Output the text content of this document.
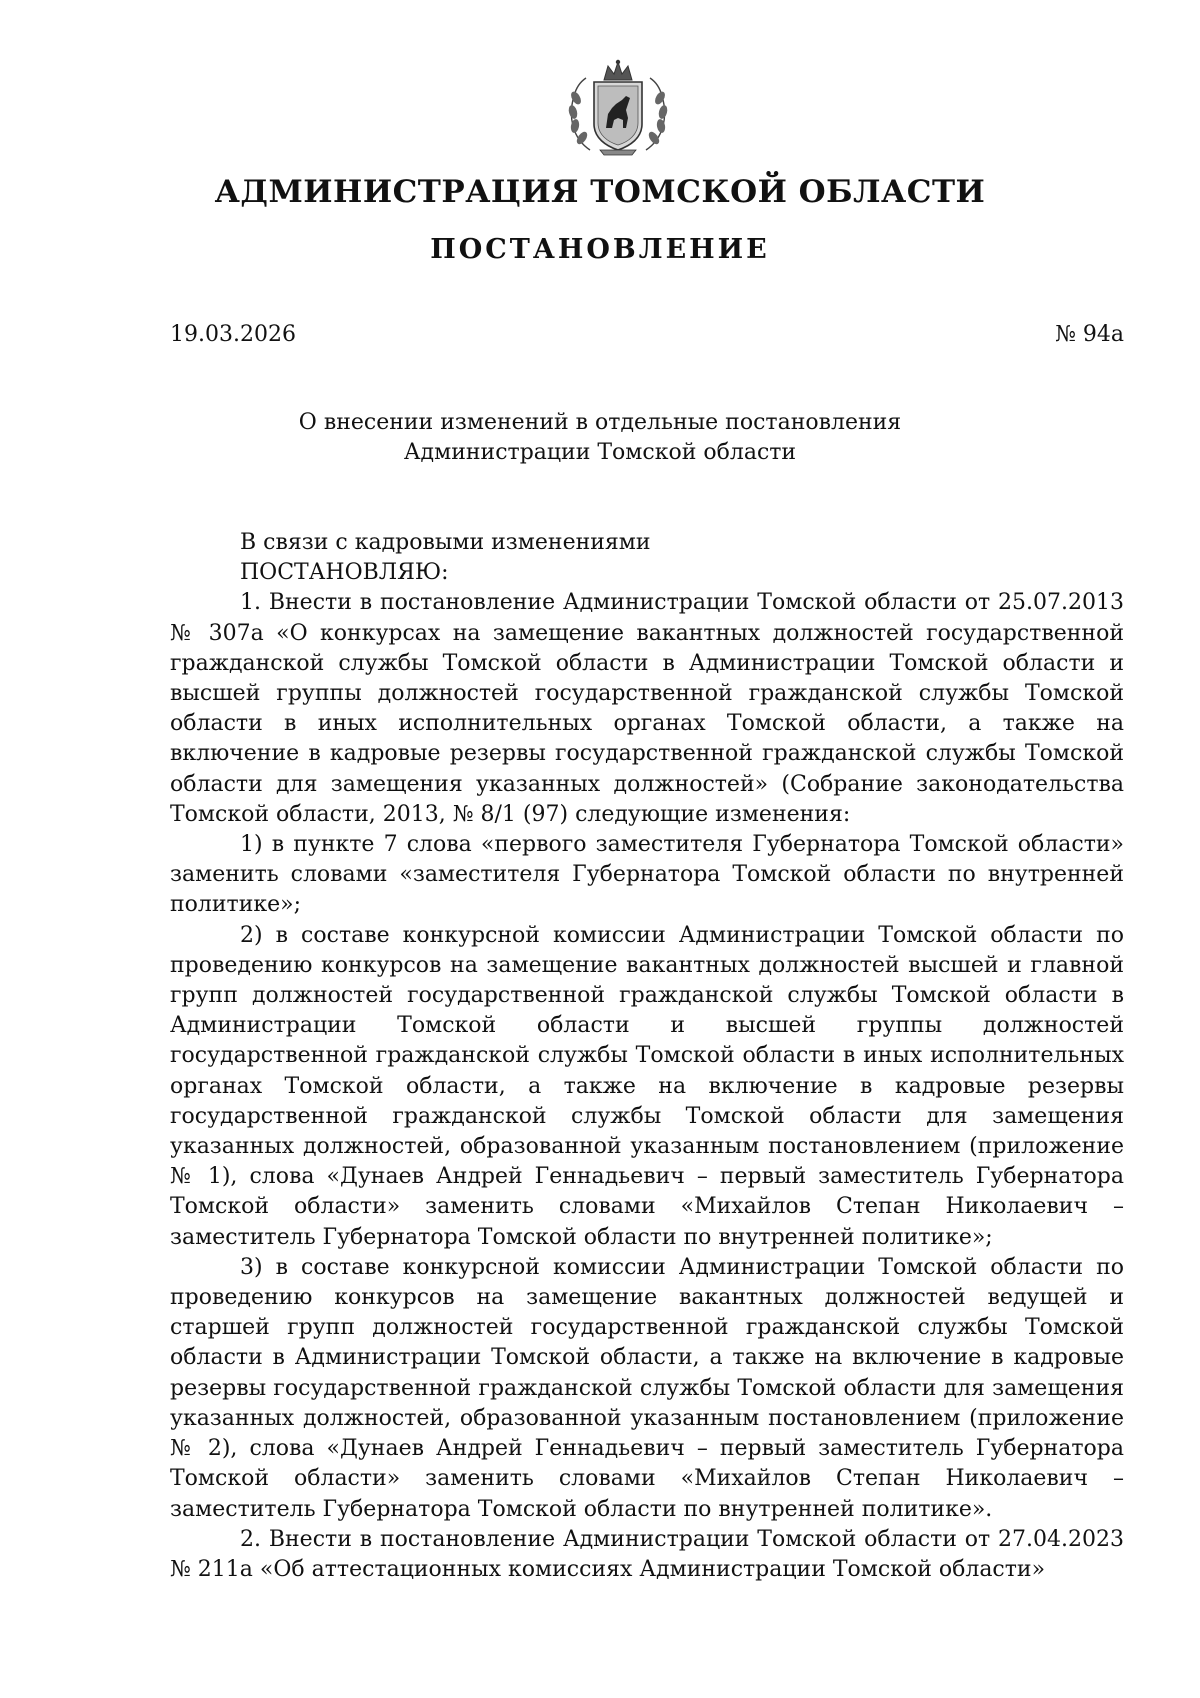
АДМИНИСТРАЦИЯ ТОМСКОЙ ОБЛАСТИ
ПОСТАНОВЛЕНИЕ
19.03.2026	№ 94а
О внесении изменений в отдельные постановления
Администрации Томской области

В связи с кадровыми изменениями

ПОСТАНОВЛЯЮ:

1. Внести в постановление Администрации Томской области от 25.07.2013 № 307а «О конкурсах на замещение вакантных должностей государственной гражданской службы Томской области в Администрации Томской области и высшей группы должностей государственной гражданской службы Томской области в иных исполнительных органах Томской области, а также на включение в кадровые резервы государственной гражданской службы Томской области для замещения указанных должностей» (Собрание законодательства Томской области, 2013, № 8/1 (97) следующие изменения:

1) в пункте 7 слова «первого заместителя Губернатора Томской области» заменить словами «заместителя Губернатора Томской области по внутренней политике»;

2) в составе конкурсной комиссии Администрации Томской области по проведению конкурсов на замещение вакантных должностей высшей и главной групп должностей государственной гражданской службы Томской области в Администрации Томской области и высшей группы должностей государственной гражданской службы Томской области в иных исполнительных органах Томской области, а также на включение в кадровые резервы государственной гражданской службы Томской области для замещения указанных должностей, образованной указанным постановлением (приложение № 1), слова «Дунаев Андрей Геннадьевич – первый заместитель Губернатора Томской области» заменить словами «Михайлов Степан Николаевич – заместитель Губернатора Томской области по внутренней политике»;

3) в составе конкурсной комиссии Администрации Томской области по проведению конкурсов на замещение вакантных должностей ведущей и старшей групп должностей государственной гражданской службы Томской области в Администрации Томской области, а также на включение в кадровые резервы государственной гражданской службы Томской области для замещения указанных должностей, образованной указанным постановлением (приложение № 2), слова «Дунаев Андрей Геннадьевич – первый заместитель Губернатора Томской области» заменить словами «Михайлов Степан Николаевич – заместитель Губернатора Томской области по внутренней политике».

2. Внести в постановление Администрации Томской области от 27.04.2023 № 211а «Об аттестационных комиссиях Администрации Томской области»
